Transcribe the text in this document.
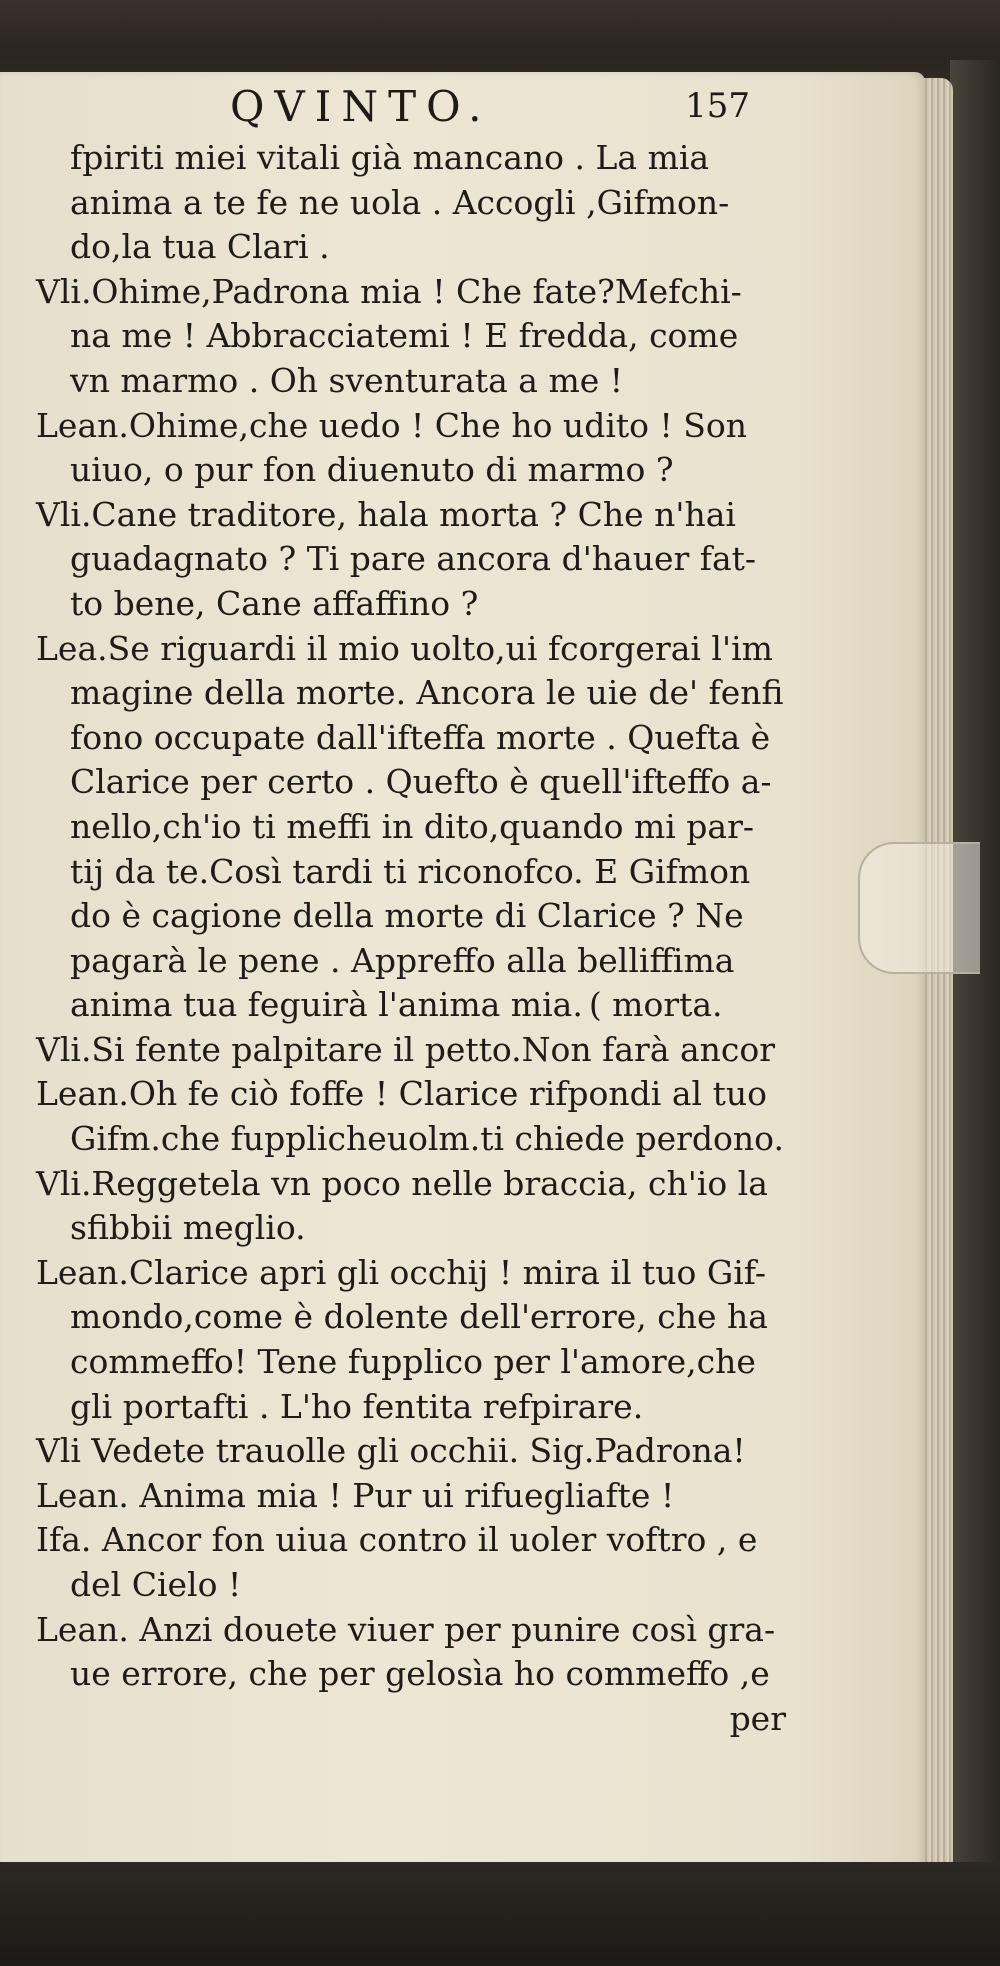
QVINTO.	157
fpiriti miei vitali già mancano . La mia
anima a te fe ne uola . Accogli ,Gifmon-
do,la tua Clari .
Vli.Ohime,Padrona mia ! Che fate?Mefchi-
na me ! Abbracciatemi ! E fredda, come
vn marmo . Oh sventurata a me !
Lean.Ohime,che uedo ! Che ho udito ! Son
uiuo, o pur fon diuenuto di marmo ?
Vli.Cane traditore, hala morta ? Che n'hai
guadagnato ? Ti pare ancora d'hauer fat-
to bene, Cane affaffino ?
Lea.Se riguardi il mio uolto,ui fcorgerai l'im
magine della morte. Ancora le uie de' fenfi
fono occupate dall'ifteffa morte . Quefta è
Clarice per certo . Quefto è quell'ifteffo a-
nello,ch'io ti meffi in dito,quando mi par-
tij da te.Così tardi ti riconofco. E Gifmon
do è cagione della morte di Clarice ? Ne
pagarà le pene . Appreffo alla belliffima
anima tua feguirà l'anima mia. ( morta.
Vli.Si fente palpitare il petto.Non farà ancor
Lean.Oh fe ciò foffe ! Clarice rifpondi al tuo
Gifm.che fupplicheuolm.ti chiede perdono.
Vli.Reggetela vn poco nelle braccia, ch'io la
sfibbii meglio.
Lean.Clarice apri gli occhij ! mira il tuo Gif-
mondo,come è dolente dell'errore, che ha
commeffo! Tene fupplico per l'amore,che
gli portafti . L'ho fentita refpirare.
Vli Vedete trauolle gli occhii. Sig.Padrona!
Lean. Anima mia ! Pur ui rifuegliafte !
Ifa. Ancor fon uiua contro il uoler voftro , e
del Cielo !
Lean. Anzi douete viuer per punire così gra-
ue errore, che per gelosìa ho commeffo ,e
per
